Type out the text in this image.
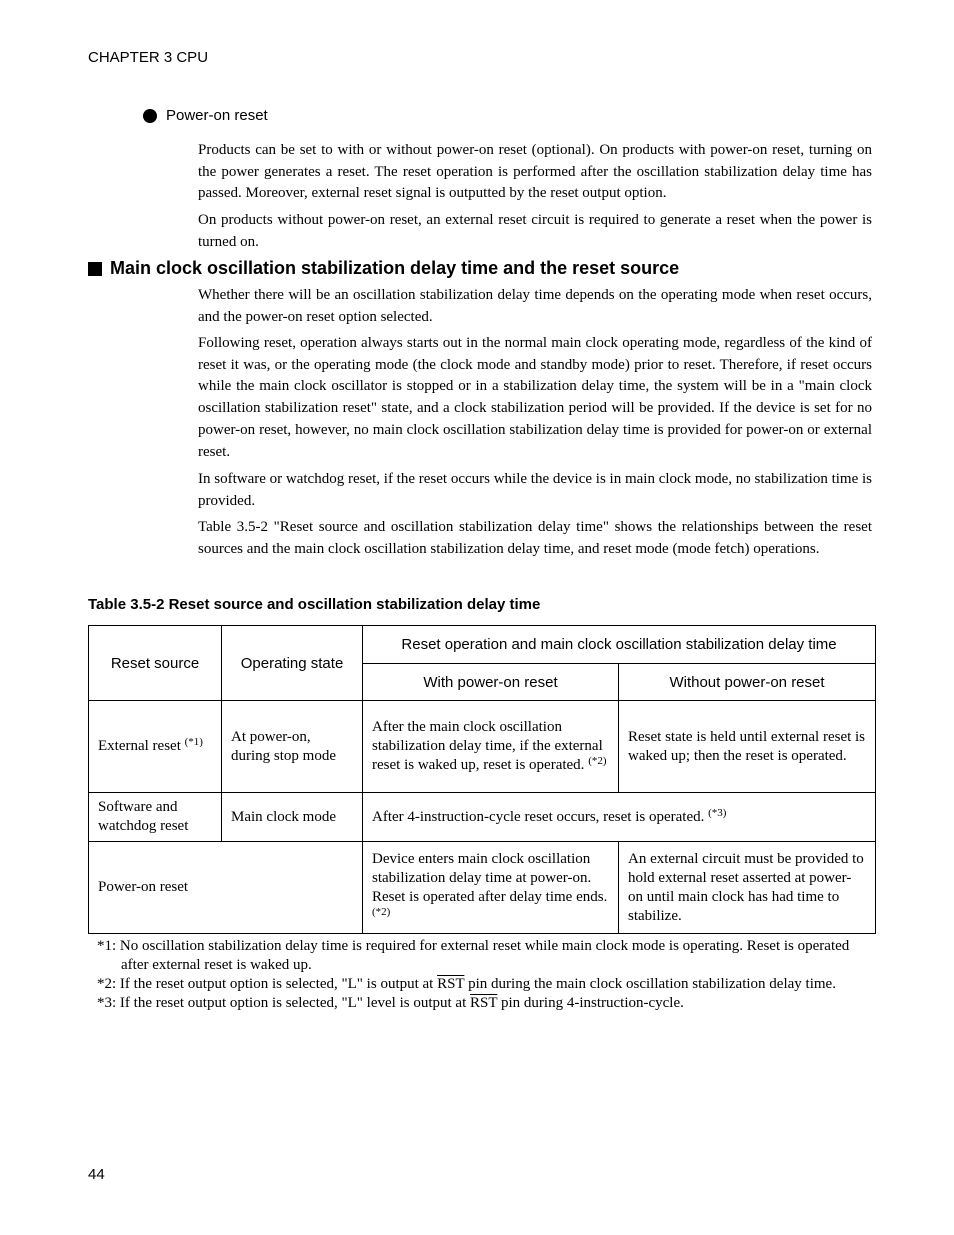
CHAPTER 3 CPU
Power-on reset
Products can be set to with or without power-on reset (optional). On products with power-on reset, turning on the power generates a reset. The reset operation is performed after the oscillation stabilization delay time has passed. Moreover, external reset signal is outputted by the reset output option.
On products without power-on reset, an external reset circuit is required to generate a reset when the power is turned on.
Main clock oscillation stabilization delay time and the reset source
Whether there will be an oscillation stabilization delay time depends on the operating mode when reset occurs, and the power-on reset option selected.
Following reset, operation always starts out in the normal main clock operating mode, regardless of the kind of reset it was, or the operating mode (the clock mode and standby mode) prior to reset. Therefore, if reset occurs while the main clock oscillator is stopped or in a stabilization delay time, the system will be in a "main clock oscillation stabilization reset" state, and a clock stabilization period will be provided. If the device is set for no power-on reset, however, no main clock oscillation stabilization delay time is provided for power-on or external reset.
In software or watchdog reset, if the reset occurs while the device is in main clock mode, no stabilization time is provided.
Table 3.5-2 "Reset source and oscillation stabilization delay time" shows the relationships between the reset sources and the main clock oscillation stabilization delay time, and reset mode (mode fetch) operations.
Table 3.5-2 Reset source and oscillation stabilization delay time
Reset source	Operating state	Reset operation and main clock oscillation stabilization delay time	
		With power-on reset	Without power-on reset
External reset $^{(*1)}$	At power-on, during stop mode	After the main clock oscillation stabilization delay time, if the external reset is waked up, reset is operated. $^{(*2)}$	Reset state is held until external reset is waked up; then the reset is operated.
Software and watchdog reset	Main clock mode	After 4-instruction-cycle reset occurs, reset is operated. $^{(*3)}$
Power-on reset		Device enters main clock oscillation stabilization delay time at power-on. Reset is operated after delay time ends. $^{(*2)}$	An external circuit must be provided to hold external reset asserted at power-on until main clock has had time to stabilize.
*1: No oscillation stabilization delay time is required for external reset while main clock mode is operating. Reset is operated after external reset is waked up.
*2: If the reset output option is selected, "L" is output at $\overline{RST}$ pin during the main clock oscillation stabilization delay time.
*3: If the reset output option is selected, "L" level is output at $\overline{RST}$ pin during 4-instruction-cycle.
44
